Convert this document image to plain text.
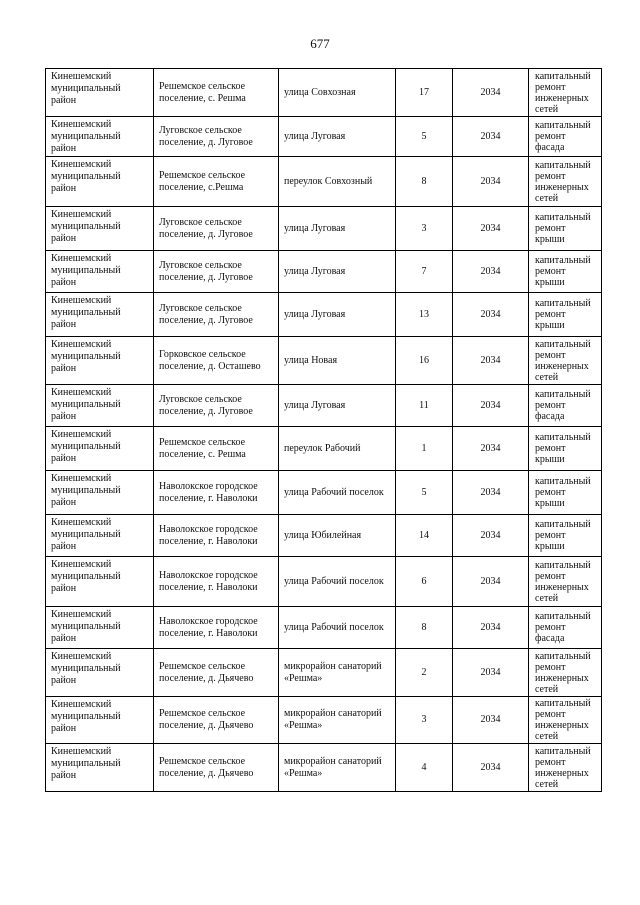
677
Кинешемский муниципальный район	Решемское сельское поселение, с. Решма	улица Совхозная	17	2034	капитальный ремонт инженерных сетей
Кинешемский муниципальный район	Луговское сельское поселение, д. Луговое	улица Луговая	5	2034	капитальный ремонт фасада
Кинешемский муниципальный район	Решемское сельское поселение, с.Решма	переулок Совхозный	8	2034	капитальный ремонт инженерных сетей
Кинешемский муниципальный район	Луговское сельское поселение, д. Луговое	улица Луговая	3	2034	капитальный ремонт крыши
Кинешемский муниципальный район	Луговское сельское поселение, д. Луговое	улица Луговая	7	2034	капитальный ремонт крыши
Кинешемский муниципальный район	Луговское сельское поселение, д. Луговое	улица Луговая	13	2034	капитальный ремонт крыши
Кинешемский муниципальный район	Горковское сельское поселение, д. Осташево	улица Новая	16	2034	капитальный ремонт инженерных сетей
Кинешемский муниципальный район	Луговское сельское поселение, д. Луговое	улица Луговая	11	2034	капитальный ремонт фасада
Кинешемский муниципальный район	Решемское сельское поселение, с. Решма	переулок Рабочий	1	2034	капитальный ремонт крыши
Кинешемский муниципальный район	Наволокское городское поселение, г. Наволоки	улица Рабочий поселок	5	2034	капитальный ремонт крыши
Кинешемский муниципальный район	Наволокское городское поселение, г. Наволоки	улица Юбилейная	14	2034	капитальный ремонт крыши
Кинешемский муниципальный район	Наволокское городское поселение, г. Наволоки	улица Рабочий поселок	6	2034	капитальный ремонт инженерных сетей
Кинешемский муниципальный район	Наволокское городское поселение, г. Наволоки	улица Рабочий поселок	8	2034	капитальный ремонт фасада
Кинешемский муниципальный район	Решемское сельское поселение, д. Дьячево	микрорайон санаторий «Решма»	2	2034	капитальный ремонт инженерных сетей
Кинешемский муниципальный район	Решемское сельское поселение, д. Дьячево	микрорайон санаторий «Решма»	3	2034	капитальный ремонт инженерных сетей
Кинешемский муниципальный район	Решемское сельское поселение, д. Дьячево	микрорайон санаторий «Решма»	4	2034	капитальный ремонт инженерных сетей
